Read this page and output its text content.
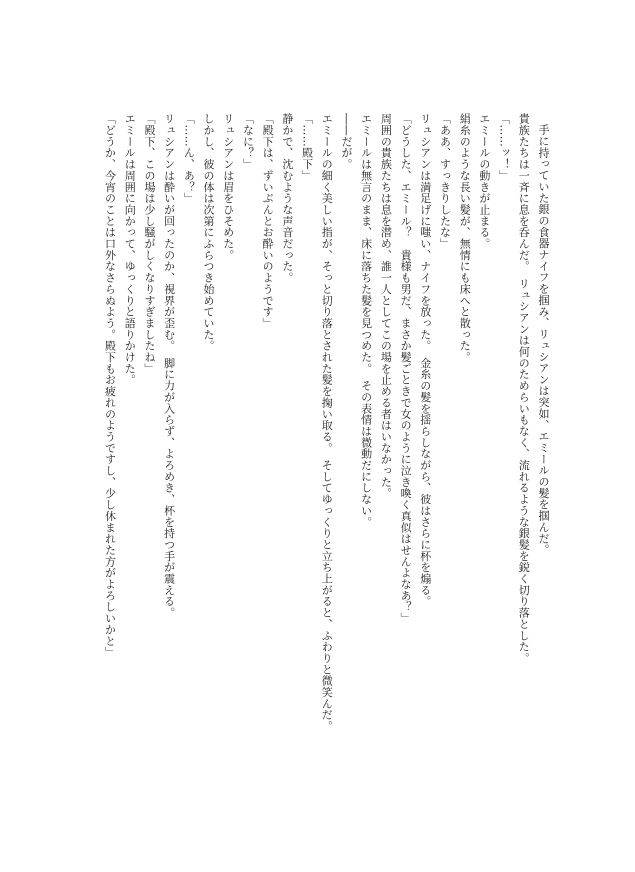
手に持っていた銀の食器ナイフを掴み、リュシアンは突如、エミールの髪を掴んだ。
貴族たちは一斉に息を呑んだ。　リュシアンは何のためらいもなく、流れるような銀髪を鋭く切り落とした。
「……ッ！」
エミールの動きが止まる。
絹糸のような長い髪が、無情にも床へと散った。
「ああ、すっきりしたな」
リュシアンは満足げに嗤い、ナイフを放った。　金糸の髪を揺らしながら、彼はさらに杯を煽る。
「どうした、エミール？　貴様も男だ、まさか髪ごときで女のように泣き喚く真似はせんよなあ？」
周囲の貴族たちは息を潜め、誰一人としてこの場を止める者はいなかった。
エミールは無言のまま、床に落ちた髪を見つめた。　その表情は微動だにしない。
――だが。
エミールの細く美しい指が、そっと切り落とされた髪を掬い取る。　そしてゆっくりと立ち上がると、ふわりと微笑んだ。
「……殿下」
静かで、沈むような声音だった。
「殿下は、ずいぶんとお酔いのようです」
「なに？」
リュシアンは眉をひそめた。
しかし、彼の体は次第にふらつき始めていた。
「……ん、あ？」
リュシアンは酔いが回ったのか、視界が歪む。　脚に力が入らず、よろめき、杯を持つ手が震える。
「殿下、この場は少し騒がしくなりすぎましたね」
エミールは周囲に向かって、ゆっくりと語りかけた。
「どうか、今宵のことは口外なさらぬよう。殿下もお疲れのようですし、少し休まれた方がよろしいかと」
